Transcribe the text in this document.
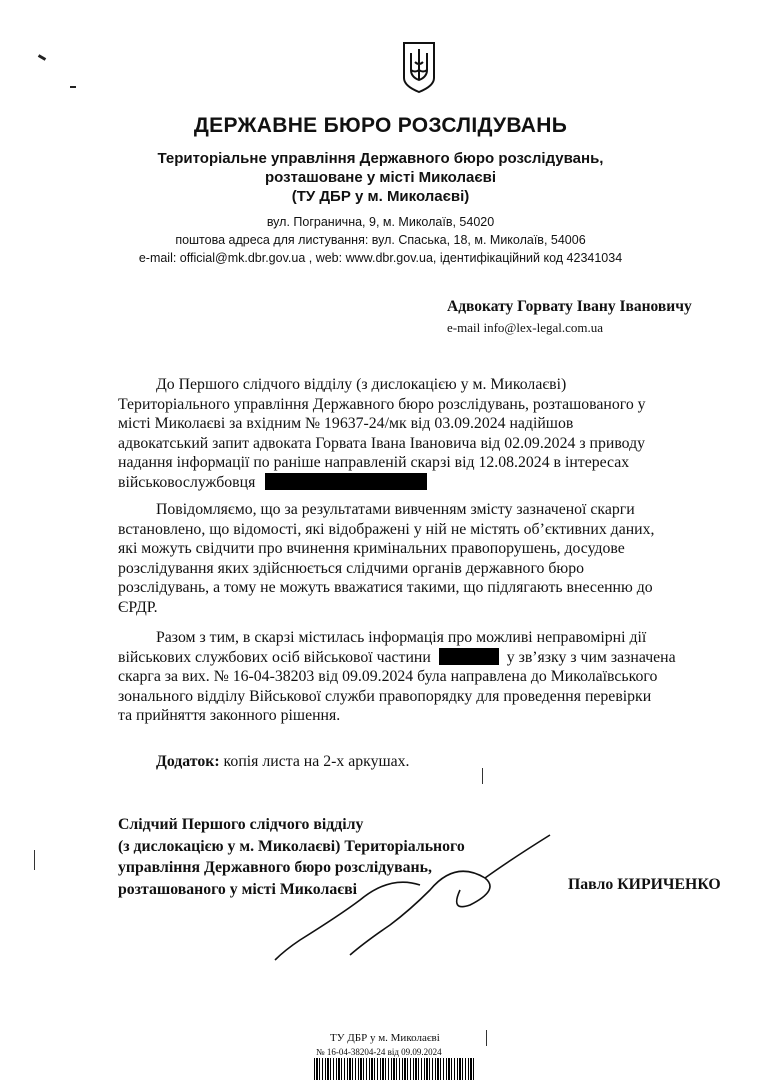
ДЕРЖАВНЕ БЮРО РОЗСЛІДУВАНЬ
Територіальне управління Державного бюро розслідувань,
розташоване у місті Миколаєві
(ТУ ДБР у м. Миколаєві)
вул. Погранична, 9, м. Миколаїв, 54020
поштова адреса для листування: вул. Спаська, 18, м. Миколаїв, 54006
e-mail: official@mk.dbr.gov.ua , web: www.dbr.gov.ua, ідентифікаційний код 42341034
Адвокату Горвату Івану Івановичу
e-mail info@lex-legal.com.ua
До Першого слідчого відділу (з дислокацією у м. Миколаєві)
Територіального управління Державного бюро розслідувань, розташованого у
місті Миколаєві за вхідним № 19637-24/мк від 03.09.2024 надійшов
адвокатський запит адвоката Горвата Івана Івановича від 02.09.2024 з приводу
надання інформації по раніше направленій скарзі від 12.08.2024 в інтересах
військовослужбовця
Повідомляємо, що за результатами вивченням змісту зазначеної скарги
встановлено, що відомості, які відображені у ній не містять об’єктивних даних,
які можуть свідчити про вчинення кримінальних правопорушень, досудове
розслідування яких здійснюється слідчими органів державного бюро
розслідувань, а тому не можуть вважатися такими, що підлягають внесенню до
ЄРДР.
Разом з тим, в скарзі містилась інформація про можливі неправомірні дії
військових службових осіб військової частини	у зв’язку з чим зазначена
скарга за вих. № 16-04-38203 від 09.09.2024 була направлена до Миколаївського
зонального відділу Військової служби правопорядку для проведення перевірки
та прийняття законного рішення.
Додаток: копія листа на 2-х аркушах.
Слідчий Першого слідчого відділу
(з дислокацією у м. Миколаєві) Територіального
управління Державного бюро розслідувань,
розташованого у місті Миколаєві	Павло КИРИЧЕНКО
ТУ ДБР у м. Миколаєві
№ 16-04-38204-24 від 09.09.2024
